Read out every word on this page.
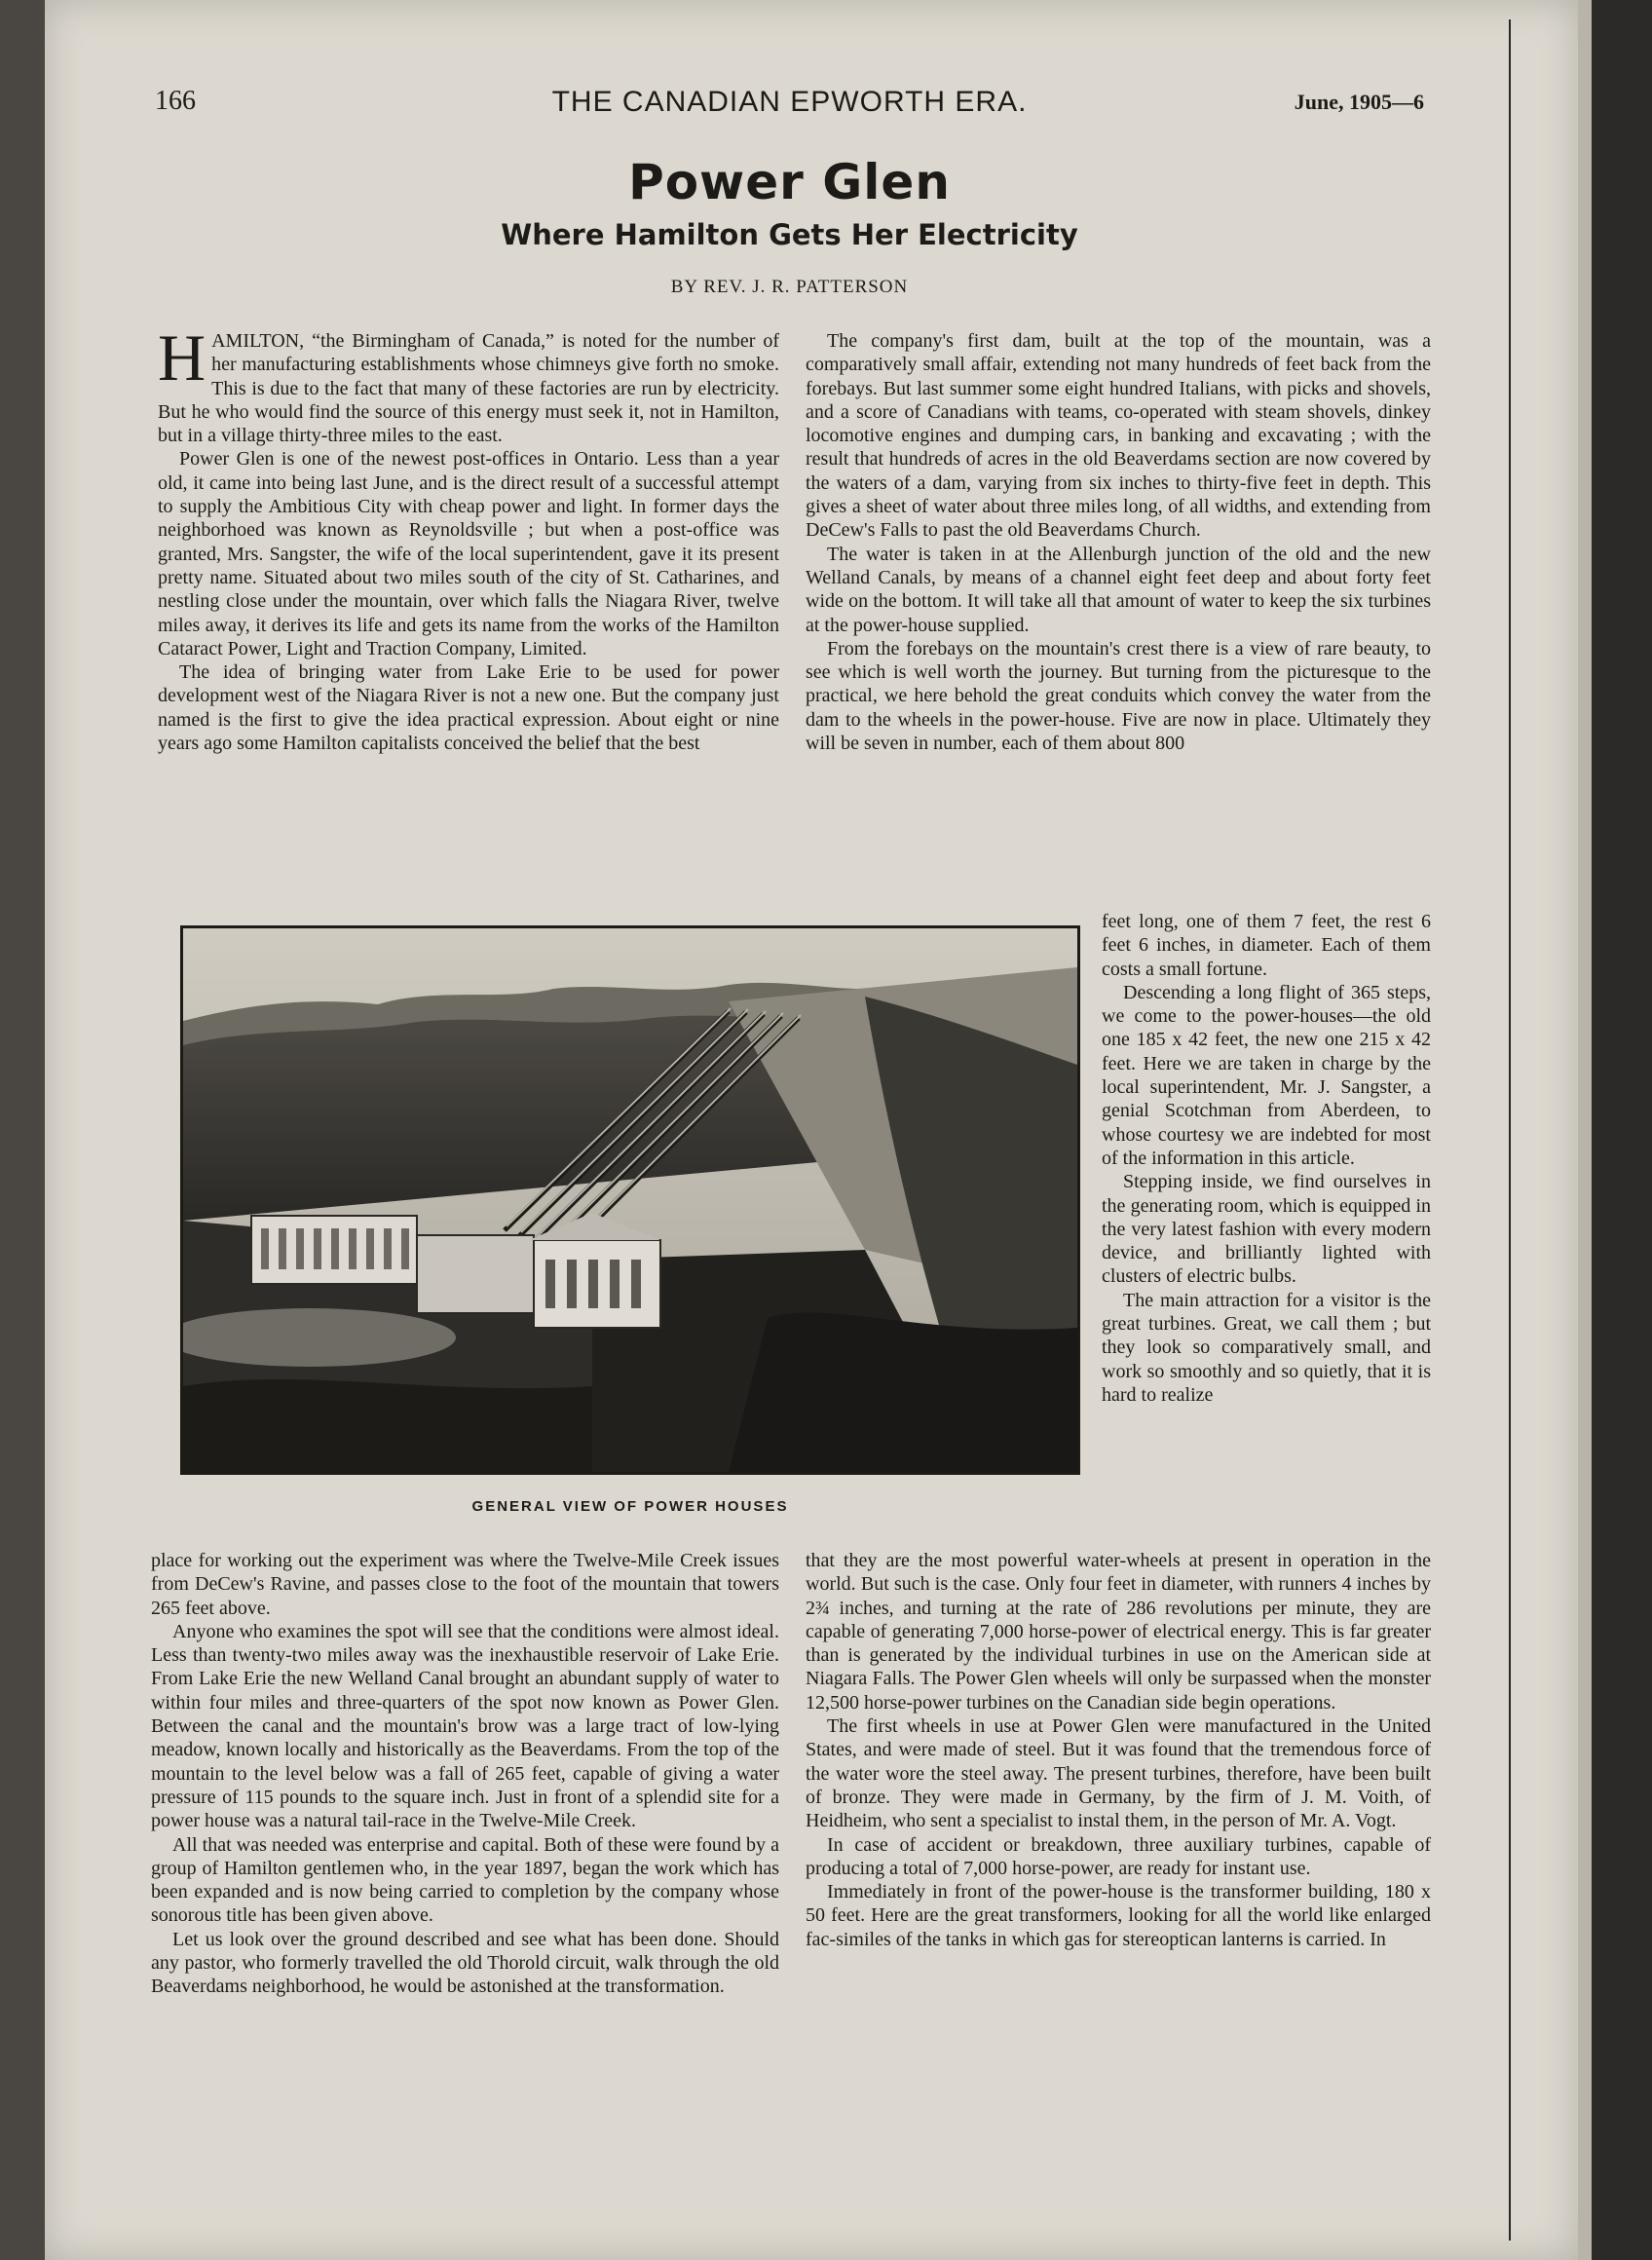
166	THE CANADIAN EPWORTH ERA.	June, 1905—6
Power Glen
Where Hamilton Gets Her Electricity
BY REV. J. R. PATTERSON

HAMILTON, “the Birmingham of Canada,” is noted for the number of her manufacturing establishments whose chimneys give forth no smoke. This is due to the fact that many of these factories are run by electricity. But he who would find the source of this energy must seek it, not in Hamilton, but in a village thirty-three miles to the east.

Power Glen is one of the newest post-offices in Ontario. Less than a year old, it came into being last June, and is the direct result of a successful attempt to supply the Ambitious City with cheap power and light. In former days the neighborhoed was known as Reynoldsville ; but when a post-office was granted, Mrs. Sangster, the wife of the local superintendent, gave it its present pretty name. Situated about two miles south of the city of St. Catharines, and nestling close under the mountain, over which falls the Niagara River, twelve miles away, it derives its life and gets its name from the works of the Hamilton Cataract Power, Light and Traction Company, Limited.

The idea of bringing water from Lake Erie to be used for power development west of the Niagara River is not a new one. But the company just named is the first to give the idea practical expression. About eight or nine years ago some Hamilton capitalists conceived the belief that the best

The company's first dam, built at the top of the mountain, was a comparatively small affair, extending not many hundreds of feet back from the forebays. But last summer some eight hundred Italians, with picks and shovels, and a score of Canadians with teams, co-operated with steam shovels, dinkey locomotive engines and dumping cars, in banking and excavating ; with the result that hundreds of acres in the old Beaverdams section are now covered by the waters of a dam, varying from six inches to thirty-five feet in depth. This gives a sheet of water about three miles long, of all widths, and extending from DeCew's Falls to past the old Beaverdams Church.

The water is taken in at the Allenburgh junction of the old and the new Welland Canals, by means of a channel eight feet deep and about forty feet wide on the bottom. It will take all that amount of water to keep the six turbines at the power-house supplied.

From the forebays on the mountain's crest there is a view of rare beauty, to see which is well worth the journey. But turning from the picturesque to the practical, we here behold the great conduits which convey the water from the dam to the wheels in the power-house. Five are now in place. Ultimately they will be seven in number, each of them about 800

GENERAL VIEW OF POWER HOUSES

feet long, one of them 7 feet, the rest 6 feet 6 inches, in diameter. Each of them costs a small fortune.

Descending a long flight of 365 steps, we come to the power-houses—the old one 185 x 42 feet, the new one 215 x 42 feet. Here we are taken in charge by the local superintendent, Mr. J. Sangster, a genial Scotchman from Aberdeen, to whose courtesy we are indebted for most of the information in this article.

Stepping inside, we find ourselves in the generating room, which is equipped in the very latest fashion with every modern device, and brilliantly lighted with clusters of electric bulbs.

The main attraction for a visitor is the great turbines. Great, we call them ; but they look so comparatively small, and work so smoothly and so quietly, that it is hard to realize

place for working out the experiment was where the Twelve-Mile Creek issues from DeCew's Ravine, and passes close to the foot of the mountain that towers 265 feet above.

Anyone who examines the spot will see that the conditions were almost ideal. Less than twenty-two miles away was the inexhaustible reservoir of Lake Erie. From Lake Erie the new Welland Canal brought an abundant supply of water to within four miles and three-quarters of the spot now known as Power Glen. Between the canal and the mountain's brow was a large tract of low-lying meadow, known locally and historically as the Beaverdams. From the top of the mountain to the level below was a fall of 265 feet, capable of giving a water pressure of 115 pounds to the square inch. Just in front of a splendid site for a power house was a natural tail-race in the Twelve-Mile Creek.

All that was needed was enterprise and capital. Both of these were found by a group of Hamilton gentlemen who, in the year 1897, began the work which has been expanded and is now being carried to completion by the company whose sonorous title has been given above.

Let us look over the ground described and see what has been done. Should any pastor, who formerly travelled the old Thorold circuit, walk through the old Beaverdams neighborhood, he would be astonished at the transformation.

that they are the most powerful water-wheels at present in operation in the world. But such is the case. Only four feet in diameter, with runners 4 inches by 2¾ inches, and turning at the rate of 286 revolutions per minute, they are capable of generating 7,000 horse-power of electrical energy. This is far greater than is generated by the individual turbines in use on the American side at Niagara Falls. The Power Glen wheels will only be surpassed when the monster 12,500 horse-power turbines on the Canadian side begin operations.

The first wheels in use at Power Glen were manufactured in the United States, and were made of steel. But it was found that the tremendous force of the water wore the steel away. The present turbines, therefore, have been built of bronze. They were made in Germany, by the firm of J. M. Voith, of Heidheim, who sent a specialist to instal them, in the person of Mr. A. Vogt.

In case of accident or breakdown, three auxiliary turbines, capable of producing a total of 7,000 horse-power, are ready for instant use.

Immediately in front of the power-house is the transformer building, 180 x 50 feet. Here are the great transformers, looking for all the world like enlarged fac-similes of the tanks in which gas for stereoptican lanterns is carried. In
